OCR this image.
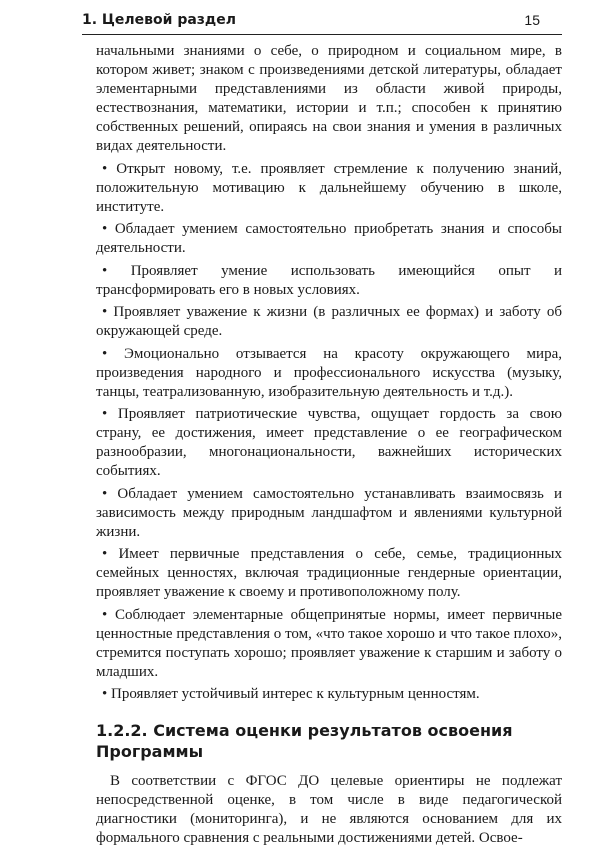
1. Целевой раздел	15

начальными знаниями о себе, о природном и социальном мире, в котором живет; знаком с произведениями детской литературы, обладает элементарными представлениями из области живой природы, естествознания, математики, истории и т.п.; способен к принятию собственных решений, опираясь на свои знания и умения в различных видах деятельности.

• Открыт новому, т.е. проявляет стремление к получению знаний, положительную мотивацию к дальнейшему обучению в школе, институте.

• Обладает умением самостоятельно приобретать знания и способы деятельности.

• Проявляет умение использовать имеющийся опыт и трансформировать его в новых условиях.

• Проявляет уважение к жизни (в различных ее формах) и заботу об окружающей среде.

• Эмоционально отзывается на красоту окружающего мира, произведения народного и профессионального искусства (музыку, танцы, театрализованную, изобразительную деятельность и т.д.).

• Проявляет патриотические чувства, ощущает гордость за свою страну, ее достижения, имеет представление о ее географическом разнообразии, многонациональности, важнейших исторических событиях.

• Обладает умением самостоятельно устанавливать взаимосвязь и зависимость между природным ландшафтом и явлениями культурной жизни.

• Имеет первичные представления о себе, семье, традиционных семейных ценностях, включая традиционные гендерные ориентации, проявляет уважение к своему и противоположному полу.

• Соблюдает элементарные общепринятые нормы, имеет первичные ценностные представления о том, «что такое хорошо и что такое плохо», стремится поступать хорошо; проявляет уважение к старшим и заботу о младших.

• Проявляет устойчивый интерес к культурным ценностям.

1.2.2. Система оценки результатов освоения Программы

В соответствии с ФГОС ДО целевые ориентиры не подлежат непосредственной оценке, в том числе в виде педагогической диагностики (мониторинга), и не являются основанием для их формального сравнения с реальными достижениями детей. Освое-
